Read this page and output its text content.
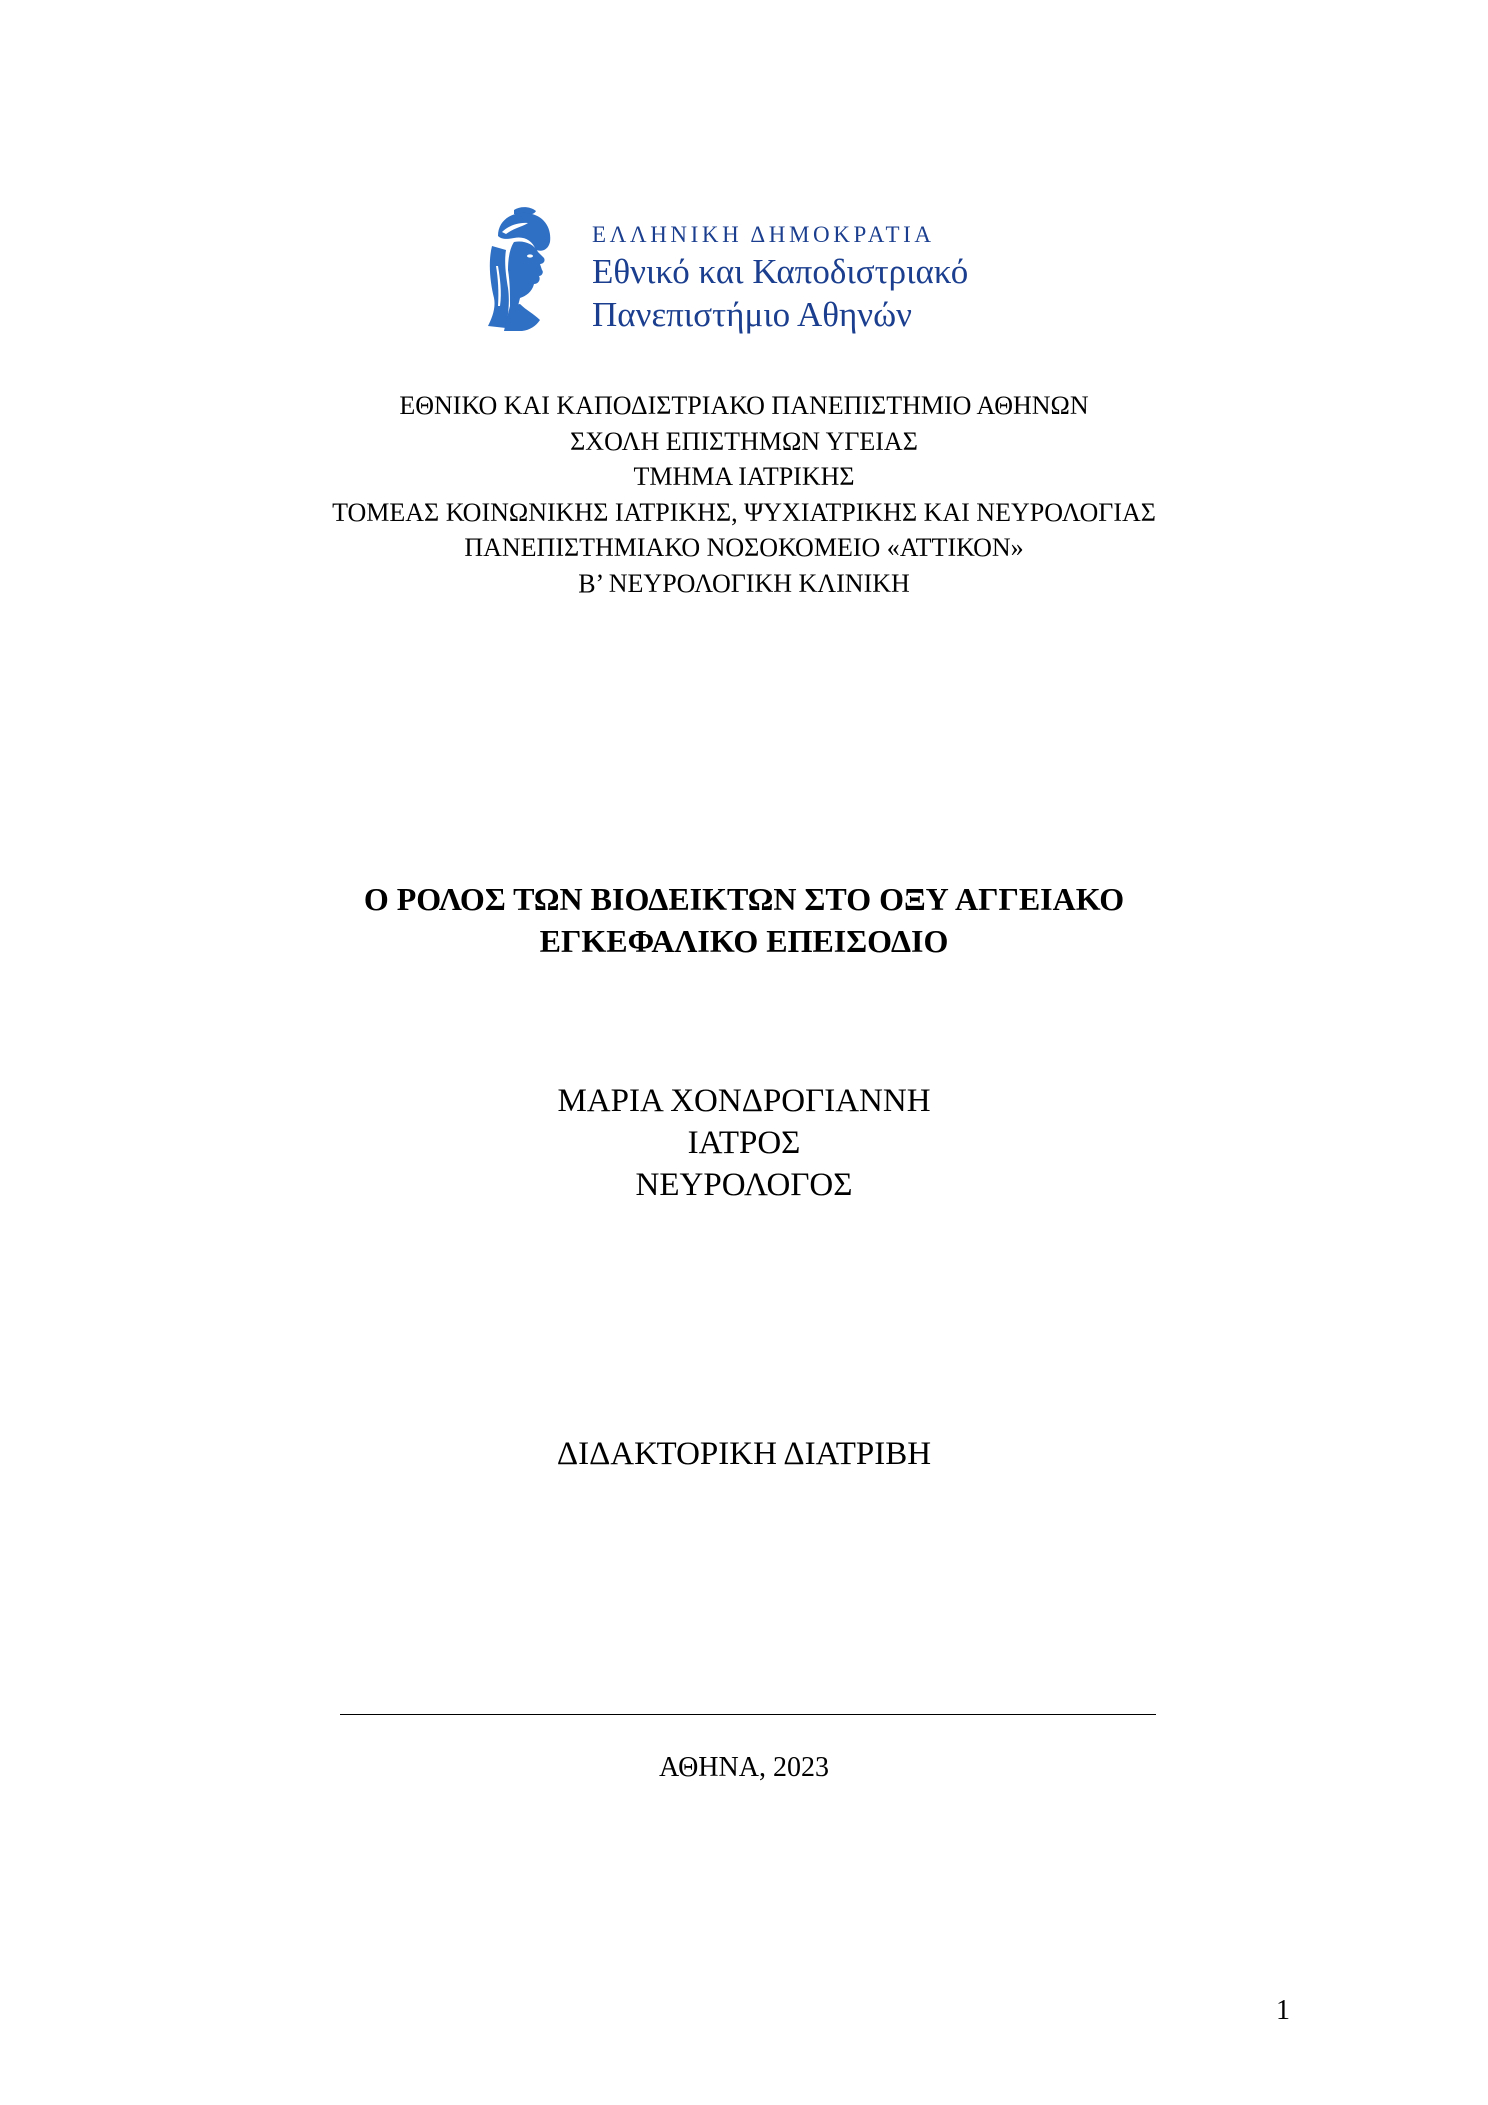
ΕΛΛΗΝΙΚΗ ΔΗΜΟΚΡΑΤΙΑ
Εθνικό και Καποδιστριακό
Πανεπιστήμιο Αθηνών
ΕΘΝΙΚΟ ΚΑΙ ΚΑΠΟΔΙΣΤΡΙΑΚΟ ΠΑΝΕΠΙΣΤΗΜΙΟ ΑΘΗΝΩΝ
ΣΧΟΛΗ ΕΠΙΣΤΗΜΩΝ ΥΓΕΙΑΣ
ΤΜΗΜΑ ΙΑΤΡΙΚΗΣ
ΤΟΜΕΑΣ ΚΟΙΝΩΝΙΚΗΣ ΙΑΤΡΙΚΗΣ, ΨΥΧΙΑΤΡΙΚΗΣ ΚΑΙ ΝΕΥΡΟΛΟΓΙΑΣ
ΠΑΝΕΠΙΣΤΗΜΙΑΚΟ ΝΟΣΟΚΟΜΕΙΟ «ΑΤΤΙΚΟΝ»
Β’ ΝΕΥΡΟΛΟΓΙΚΗ ΚΛΙΝΙΚΗ
Ο ΡΟΛΟΣ ΤΩΝ ΒΙΟΔΕΙΚΤΩΝ ΣΤΟ ΟΞΥ ΑΓΓΕΙΑΚΟ
ΕΓΚΕΦΑΛΙΚΟ ΕΠΕΙΣΟΔΙΟ
ΜΑΡΙΑ ΧΟΝΔΡΟΓΙΑΝΝΗ
ΙΑΤΡΟΣ
ΝΕΥΡΟΛΟΓΟΣ
ΔΙΔΑΚΤΟΡΙΚΗ ΔΙΑΤΡΙΒΗ
ΑΘΗΝΑ, 2023
1
